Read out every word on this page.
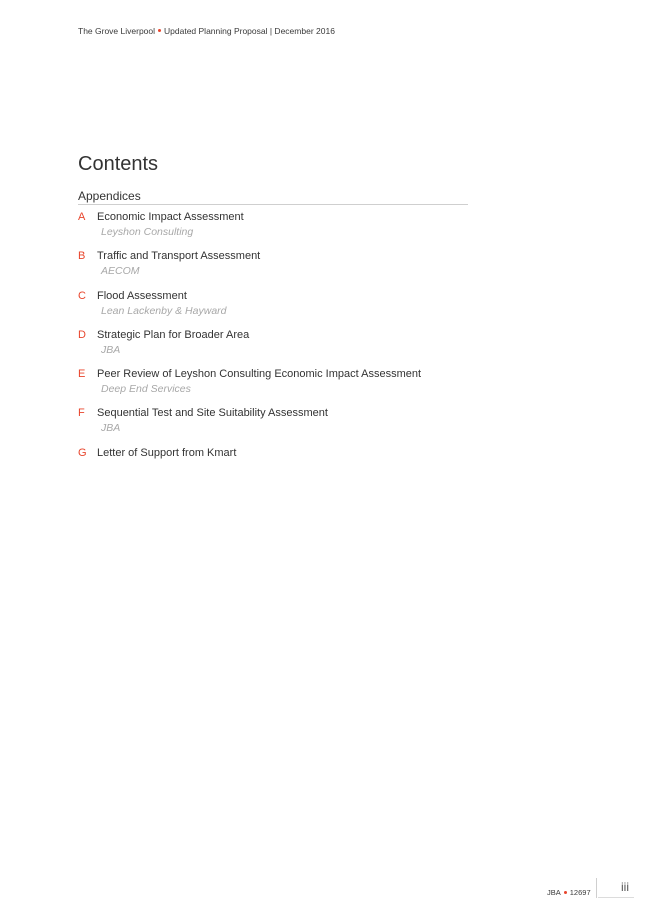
The Grove Liverpool Updated Planning Proposal | December 2016
Contents
Appendices
A Economic Impact Assessment
Leyshon Consulting
B Traffic and Transport Assessment
AECOM
C Flood Assessment
Lean Lackenby & Hayward
D Strategic Plan for Broader Area
JBA
E Peer Review of Leyshon Consulting Economic Impact Assessment
Deep End Services
F Sequential Test and Site Suitability Assessment
JBA
G Letter of Support from Kmart
JBA 12697	iii
